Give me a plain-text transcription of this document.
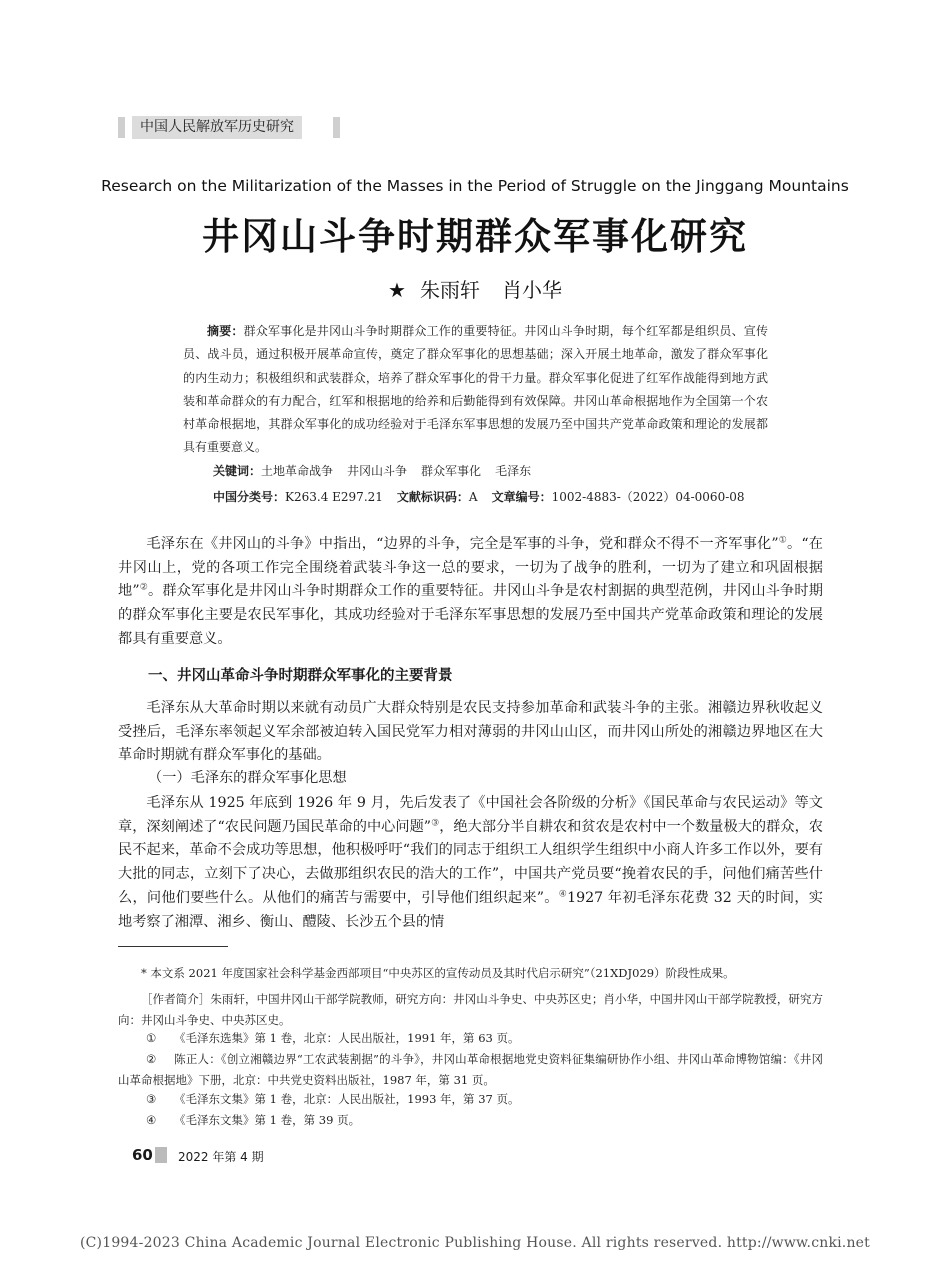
中国人民解放军历史研究
Research on the Militarization of the Masses in the Period of Struggle on the Jinggang Mountains
井冈山斗争时期群众军事化研究
★ 朱雨轩 肖小华
摘要：群众军事化是井冈山斗争时期群众工作的重要特征。井冈山斗争时期，每个红军都是组织员、宣传员、战斗员，通过积极开展革命宣传，奠定了群众军事化的思想基础；深入开展土地革命，激发了群众军事化的内生动力；积极组织和武装群众，培养了群众军事化的骨干力量。群众军事化促进了红军作战能得到地方武装和革命群众的有力配合，红军和根据地的给养和后勤能得到有效保障。井冈山革命根据地作为全国第一个农村革命根据地，其群众军事化的成功经验对于毛泽东军事思想的发展乃至中国共产党革命政策和理论的发展都具有重要意义。
关键词：土地革命战争 井冈山斗争 群众军事化 毛泽东
中国分类号：K263.4 E297.21 文献标识码：A 文章编号：1002-4883-（2022）04-0060-08
毛泽东在《井冈山的斗争》中指出，“边界的斗争，完全是军事的斗争，党和群众不得不一齐军事化”①。“在井冈山上，党的各项工作完全围绕着武装斗争这一总的要求，一切为了战争的胜利，一切为了建立和巩固根据地”②。群众军事化是井冈山斗争时期群众工作的重要特征。井冈山斗争是农村割据的典型范例，井冈山斗争时期的群众军事化主要是农民军事化，其成功经验对于毛泽东军事思想的发展乃至中国共产党革命政策和理论的发展都具有重要意义。
一、井冈山革命斗争时期群众军事化的主要背景
毛泽东从大革命时期以来就有动员广大群众特别是农民支持参加革命和武装斗争的主张。湘赣边界秋收起义受挫后，毛泽东率领起义军余部被迫转入国民党军力相对薄弱的井冈山山区，而井冈山所处的湘赣边界地区在大革命时期就有群众军事化的基础。
（一）毛泽东的群众军事化思想
毛泽东从 1925 年底到 1926 年 9 月，先后发表了《中国社会各阶级的分析》《国民革命与农民运动》等文章，深刻阐述了“农民问题乃国民革命的中心问题”③，绝大部分半自耕农和贫农是农村中一个数量极大的群众，农民不起来，革命不会成功等思想，他积极呼吁“我们的同志于组织工人组织学生组织中小商人许多工作以外，要有大批的同志，立刻下了决心，去做那组织农民的浩大的工作”，中国共产党员要“挽着农民的手，问他们痛苦些什么，问他们要些什么。从他们的痛苦与需要中，引导他们组织起来”。④1927 年初毛泽东花费 32 天的时间，实地考察了湘潭、湘乡、衡山、醴陵、长沙五个县的情
* 本文系 2021 年度国家社会科学基金西部项目“中央苏区的宣传动员及其时代启示研究”（21XDJ029）阶段性成果。
［作者简介］朱雨轩，中国井冈山干部学院教师，研究方向：井冈山斗争史、中央苏区史；肖小华，中国井冈山干部学院教授，研究方向：井冈山斗争史、中央苏区史。
① 《毛泽东选集》第 1 卷，北京：人民出版社，1991 年，第 63 页。
② 陈正人：《创立湘赣边界“工农武装割据”的斗争》，井冈山革命根据地党史资料征集编研协作小组、井冈山革命博物馆编：《井冈山革命根据地》下册，北京：中共党史资料出版社，1987 年，第 31 页。
③ 《毛泽东文集》第 1 卷，北京：人民出版社，1993 年，第 37 页。
④ 《毛泽东文集》第 1 卷，第 39 页。
60 2022 年第 4 期
(C)1994-2023 China Academic Journal Electronic Publishing House. All rights reserved. http://www.cnki.net
